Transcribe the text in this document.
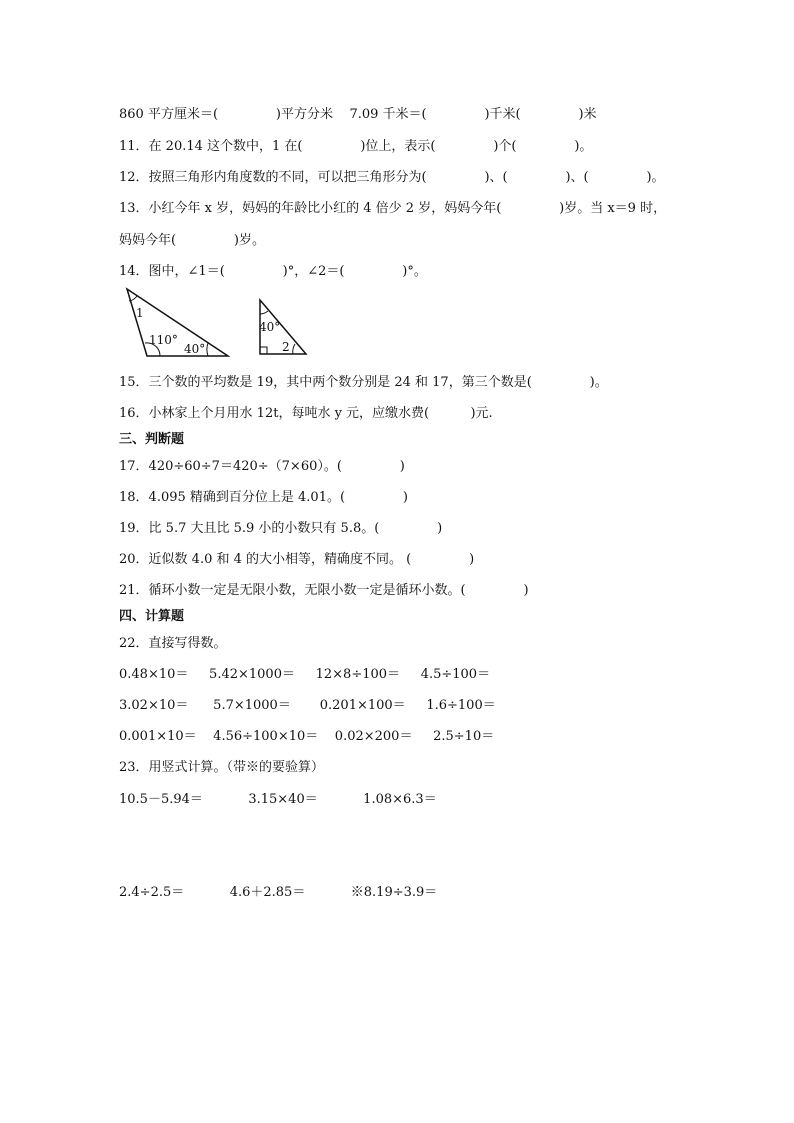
860 平方厘米＝(              )平方分米    7.09 千米＝(              )千米(              )米
11．在 20.14 这个数中，1 在(              )位上，表示(              )个(              )。
12．按照三角形内角度数的不同，可以把三角形分为(              )、(              )、(              )。
13．小红今年 x 岁，妈妈的年龄比小红的 4 倍少 2 岁，妈妈今年(              )岁。当 x＝9 时，
妈妈今年(              )岁。
14．图中，∠1＝(              )°，∠2＝(              )°。
1
110°
40°
40°
2
15．三个数的平均数是 19，其中两个数分别是 24 和 17，第三个数是(              )。
16．小林家上个月用水 12t，每吨水 y 元，应缴水费(          )元.
三、判断题
17．420÷60÷7＝420÷（7×60）。(              )
18．4.095 精确到百分位上是 4.01。(              )
19．比 5.7 大且比 5.9 小的小数只有 5.8。(              )
20．近似数 4.0 和 4 的大小相等，精确度不同。 (              )
21．循环小数一定是无限小数，无限小数一定是循环小数。(              )
四、计算题
22．直接写得数。
0.48×10＝     5.42×1000＝     12×8÷100＝     4.5÷100＝
3.02×10＝      5.7×1000＝       0.201×100＝     1.6÷100＝
0.001×10＝    4.56÷100×10＝    0.02×200＝     2.5÷10＝
23．用竖式计算。（带※的要验算）
10.5－5.94＝           3.15×40＝           1.08×6.3＝
2.4÷2.5＝           4.6＋2.85＝           ※8.19÷3.9＝
